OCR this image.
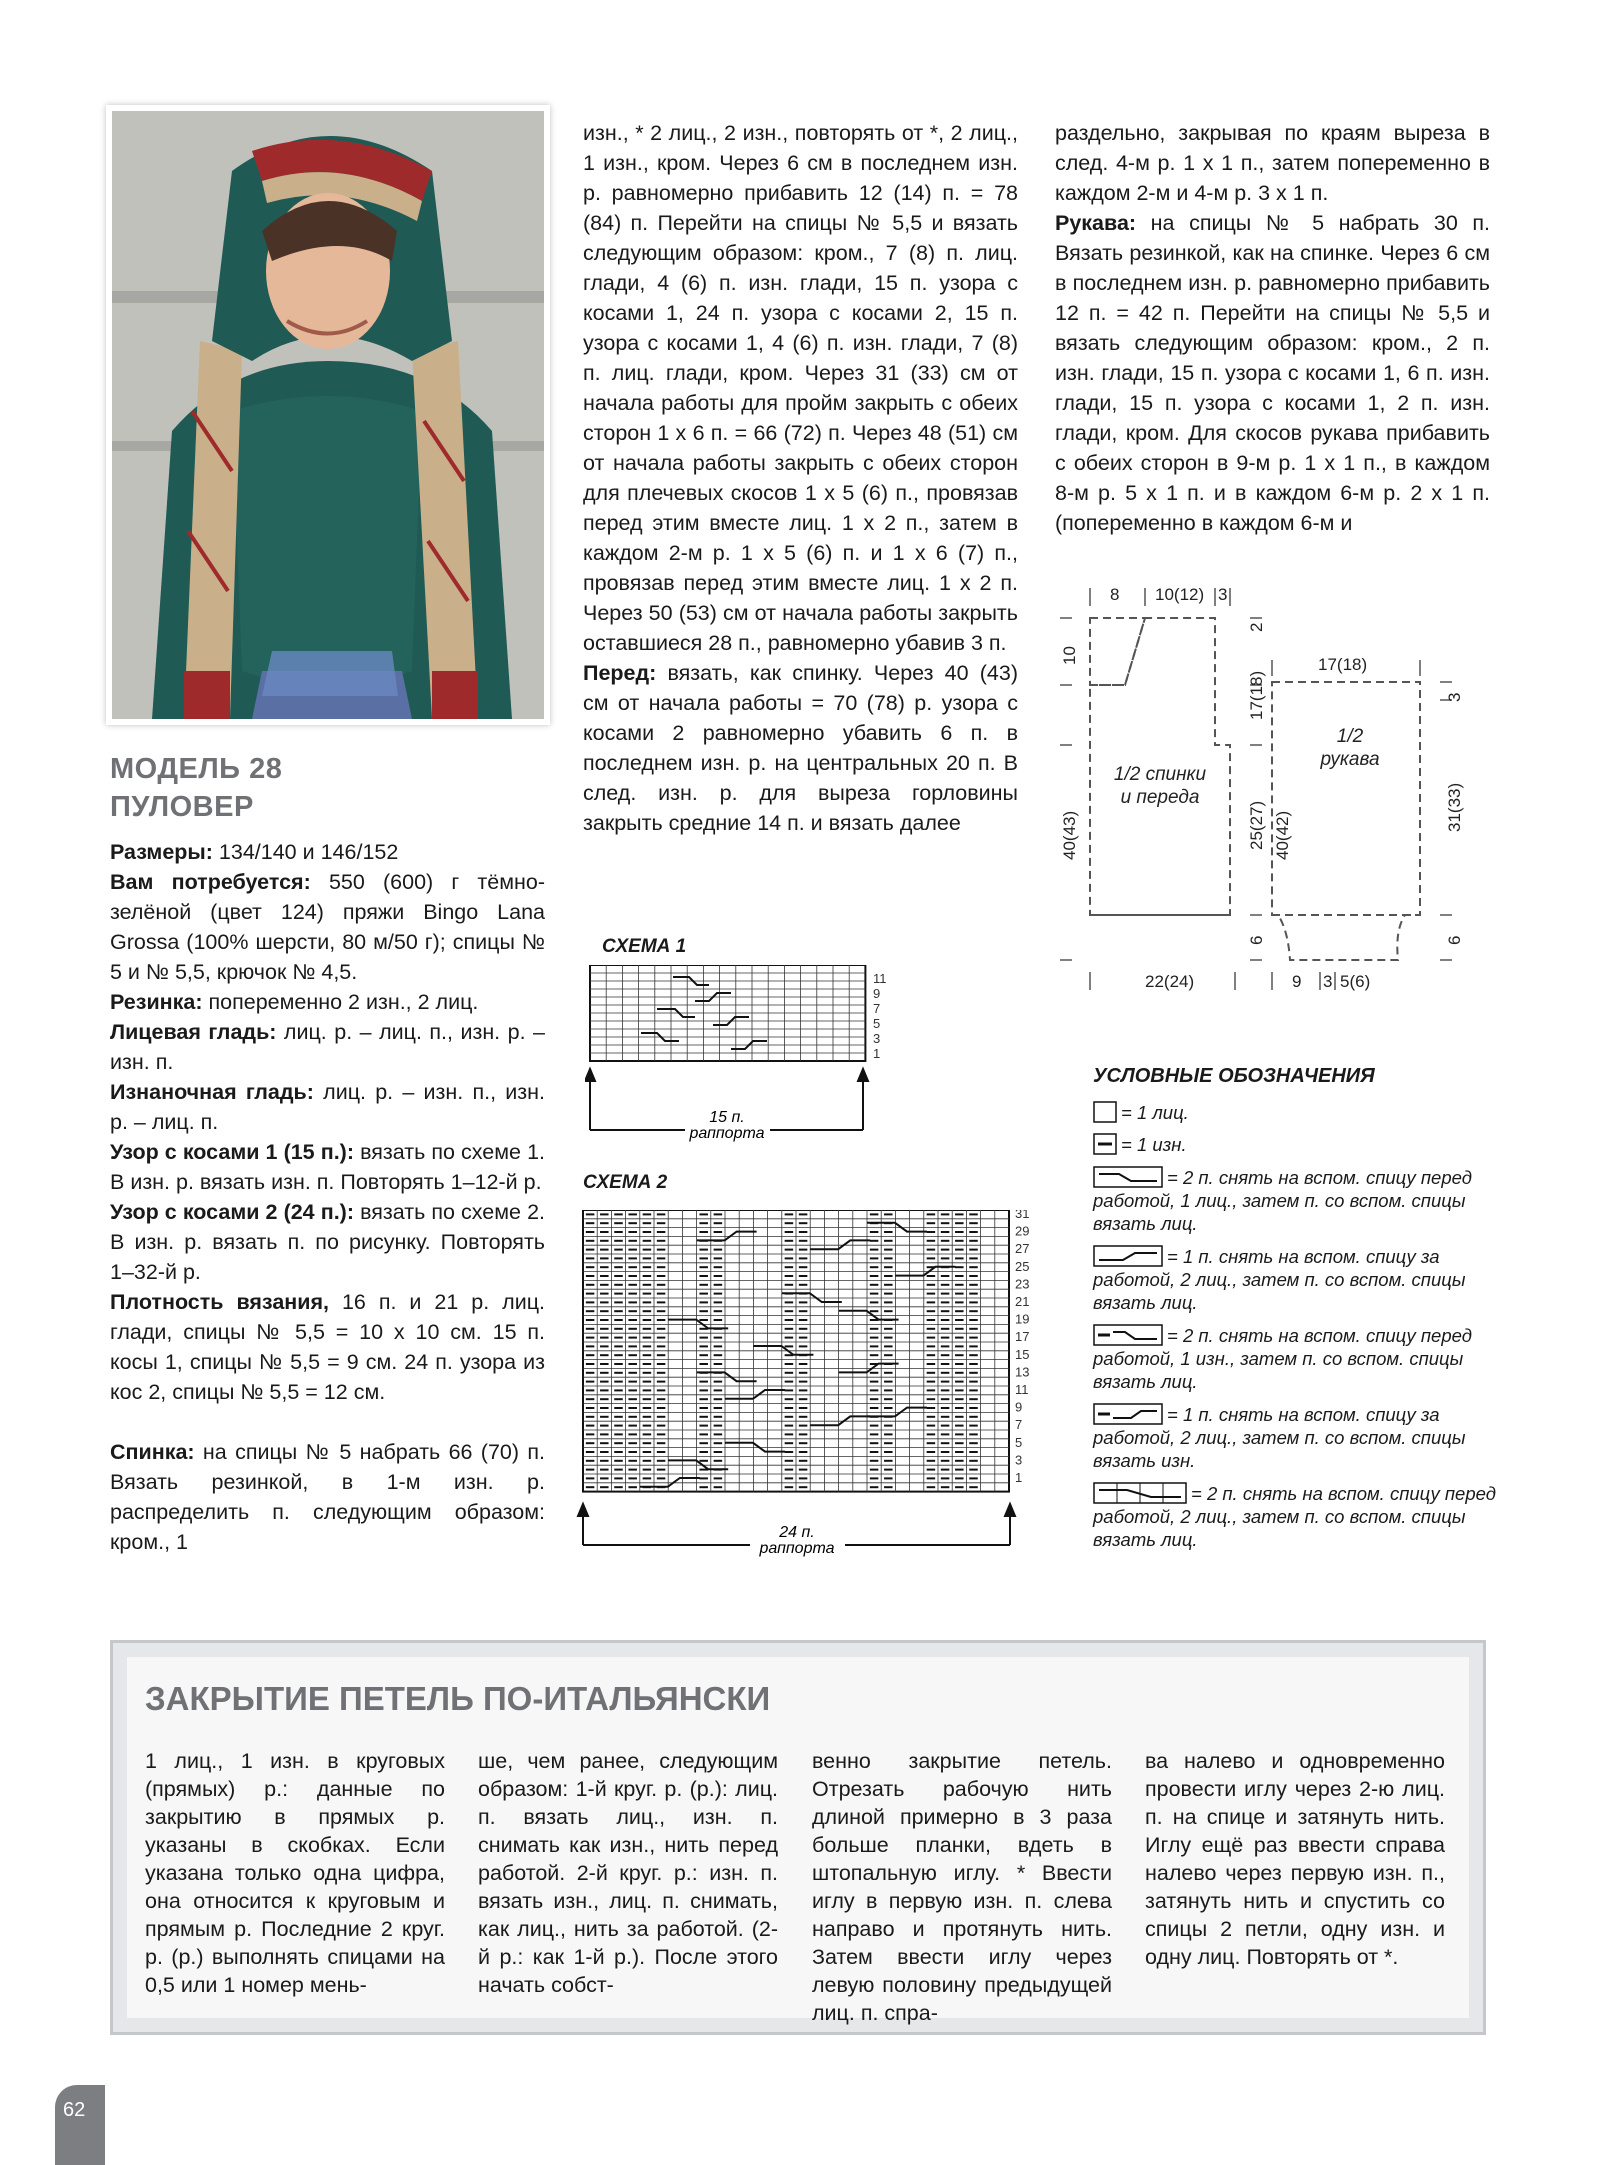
МОДЕЛЬ 28
ПУЛОВЕР

Размеры: 134/140 и 146/152

Вам потребуется: 550 (600) г тёмно-зелёной (цвет 124) пряжи Bingo Lana Grossa (100% шерсти, 80 м/50 г); спицы № 5 и № 5,5, крючок № 4,5.

Резинка: попеременно 2 изн., 2 лиц.

Лицевая гладь: лиц. р. – лиц. п., изн. р. – изн. п.

Изнаночная гладь: лиц. р. – изн. п., изн. р. – лиц. п.

Узор с косами 1 (15 п.): вязать по схеме 1. В изн. р. вязать изн. п. Повторять 1–12-й р.

Узор с косами 2 (24 п.): вязать по схеме 2. В изн. р. вязать п. по рисунку. Повторять 1–32-й р.

Плотность вязания, 16 п. и 21 р. лиц. глади, спицы № 5,5 = 10 х 10 см. 15 п. косы 1, спицы № 5,5 = 9 см. 24 п. узора из кос 2, спицы № 5,5 = 12 см.

Спинка: на спицы № 5 набрать 66 (70) п. Вязать резинкой, в 1-м изн. р. распределить п. следующим образом: кром., 1

изн., * 2 лиц., 2 изн., повторять от *, 2 лиц., 1 изн., кром. Через 6 см в последнем изн. р. равномерно прибавить 12 (14) п. = 78 (84) п. Перейти на спицы № 5,5 и вязать следующим образом: кром., 7 (8) п. лиц. глади, 4 (6) п. изн. глади, 15 п. узора с косами 1, 24 п. узора с косами 2, 15 п. узора с косами 1, 4 (6) п. изн. глади, 7 (8) п. лиц. глади, кром. Через 31 (33) см от начала работы для пройм закрыть с обеих сторон 1 х 6 п. = 66 (72) п. Через 48 (51) см от начала работы закрыть с обеих сторон для плечевых скосов 1 х 5 (6) п., провязав перед этим вместе лиц. 1 х 2 п., затем в каждом 2-м р. 1 х 5 (6) п. и 1 х 6 (7) п., провязав перед этим вместе лиц. 1 х 2 п. Через 50 (53) см от начала работы закрыть оставшиеся 28 п., равномерно убавив 3 п.

Перед: вязать, как спинку. Через 40 (43) см от начала работы = 70 (78) р. узора с косами 2 равномерно убавить 6 п. в последнем изн. р. на центральных 20 п. В след. изн. р. для выреза горловины закрыть средние 14 п. и вязать далее

раздельно, закрывая по краям выреза в след. 4-м р. 1 х 1 п., затем попеременно в каждом 2-м и 4-м р. 3 х 1 п.

Рукава: на спицы № 5 набрать 30 п. Вязать резинкой, как на спинке. Через 6 см в последнем изн. р. равномерно прибавить 12 п. = 42 п. Перейти на спицы № 5,5 и вязать следующим образом: кром., 2 п. изн. глади, 15 п. узора с косами 1, 6 п. изн. глади, 15 п. узора с косами 1, 2 п. изн. глади, кром. Для скосов рукава прибавить с обеих сторон в 9-м р. 1 х 1 п., в каждом 8-м р. 5 х 1 п. и в каждом 6-м р. 2 х 1 п. (попеременно в каждом 6-м и

СХЕМА 1
11
9
7
5
3
1
15 п.
раппорта
СХЕМА 2
31
29
27
25
23
21
19
17
15
13
11
9
7
5
3
1
24 п.
раппорта
8 10(12) 3
2
10
17(18)
40(43)	25(27)
6
22(24)
17(18)
3
40(42)
31(33)
6
9 3 5(6)
1/2 спинки
и переда
1/2
рукава
УСЛОВНЫЕ ОБОЗНАЧЕНИЯ
= 1 лиц.
= 1 изн.
= 2 п. снять на вспом. спицу перед работой, 1 лиц., затем п. со вспом. спицы вязать лиц.
= 1 п. снять на вспом. спицу за работой, 2 лиц., затем п. со вспом. спицы вязать лиц.
= 2 п. снять на вспом. спицу перед работой, 1 изн., затем п. со вспом. спицы вязать лиц.
= 1 п. снять на вспом. спицу за работой, 2 лиц., затем п. со вспом. спицы вязать изн.
= 2 п. снять на вспом. спицу перед работой, 2 лиц., затем п. со вспом. спицы вязать лиц.
ЗАКРЫТИЕ ПЕТЕЛЬ ПО-ИТАЛЬЯНСКИ
1 лиц., 1 изн. в круговых (прямых) р.: данные по закрытию в прямых р. указаны в скобках. Если указана только одна цифра, она относится к круговым и прямым р. Последние 2 круг. р. (р.) выполнять спицами на 0,5 или 1 номер мень-
ше, чем ранее, следующим образом: 1-й круг. р. (р.): лиц. п. вязать лиц., изн. п. снимать как изн., нить перед работой. 2-й круг. р.: изн. п. вязать изн., лиц. п. снимать, как лиц., нить за работой. (2-й р.: как 1-й р.). После этого начать собст-
венно закрытие петель. Отрезать рабочую нить длиной примерно в 3 раза больше планки, вдеть в штопальную иглу. * Ввести иглу в первую изн. п. слева направо и протянуть нить. Затем ввести иглу через левую половину предыдущей лиц. п. спра-
ва налево и одновременно провести иглу через 2-ю лиц. п. на спице и затянуть нить. Иглу ещё раз ввести справа налево через первую изн. п., затянуть нить и спустить со спицы 2 петли, одну изн. и одну лиц. Повторять от *.
62
